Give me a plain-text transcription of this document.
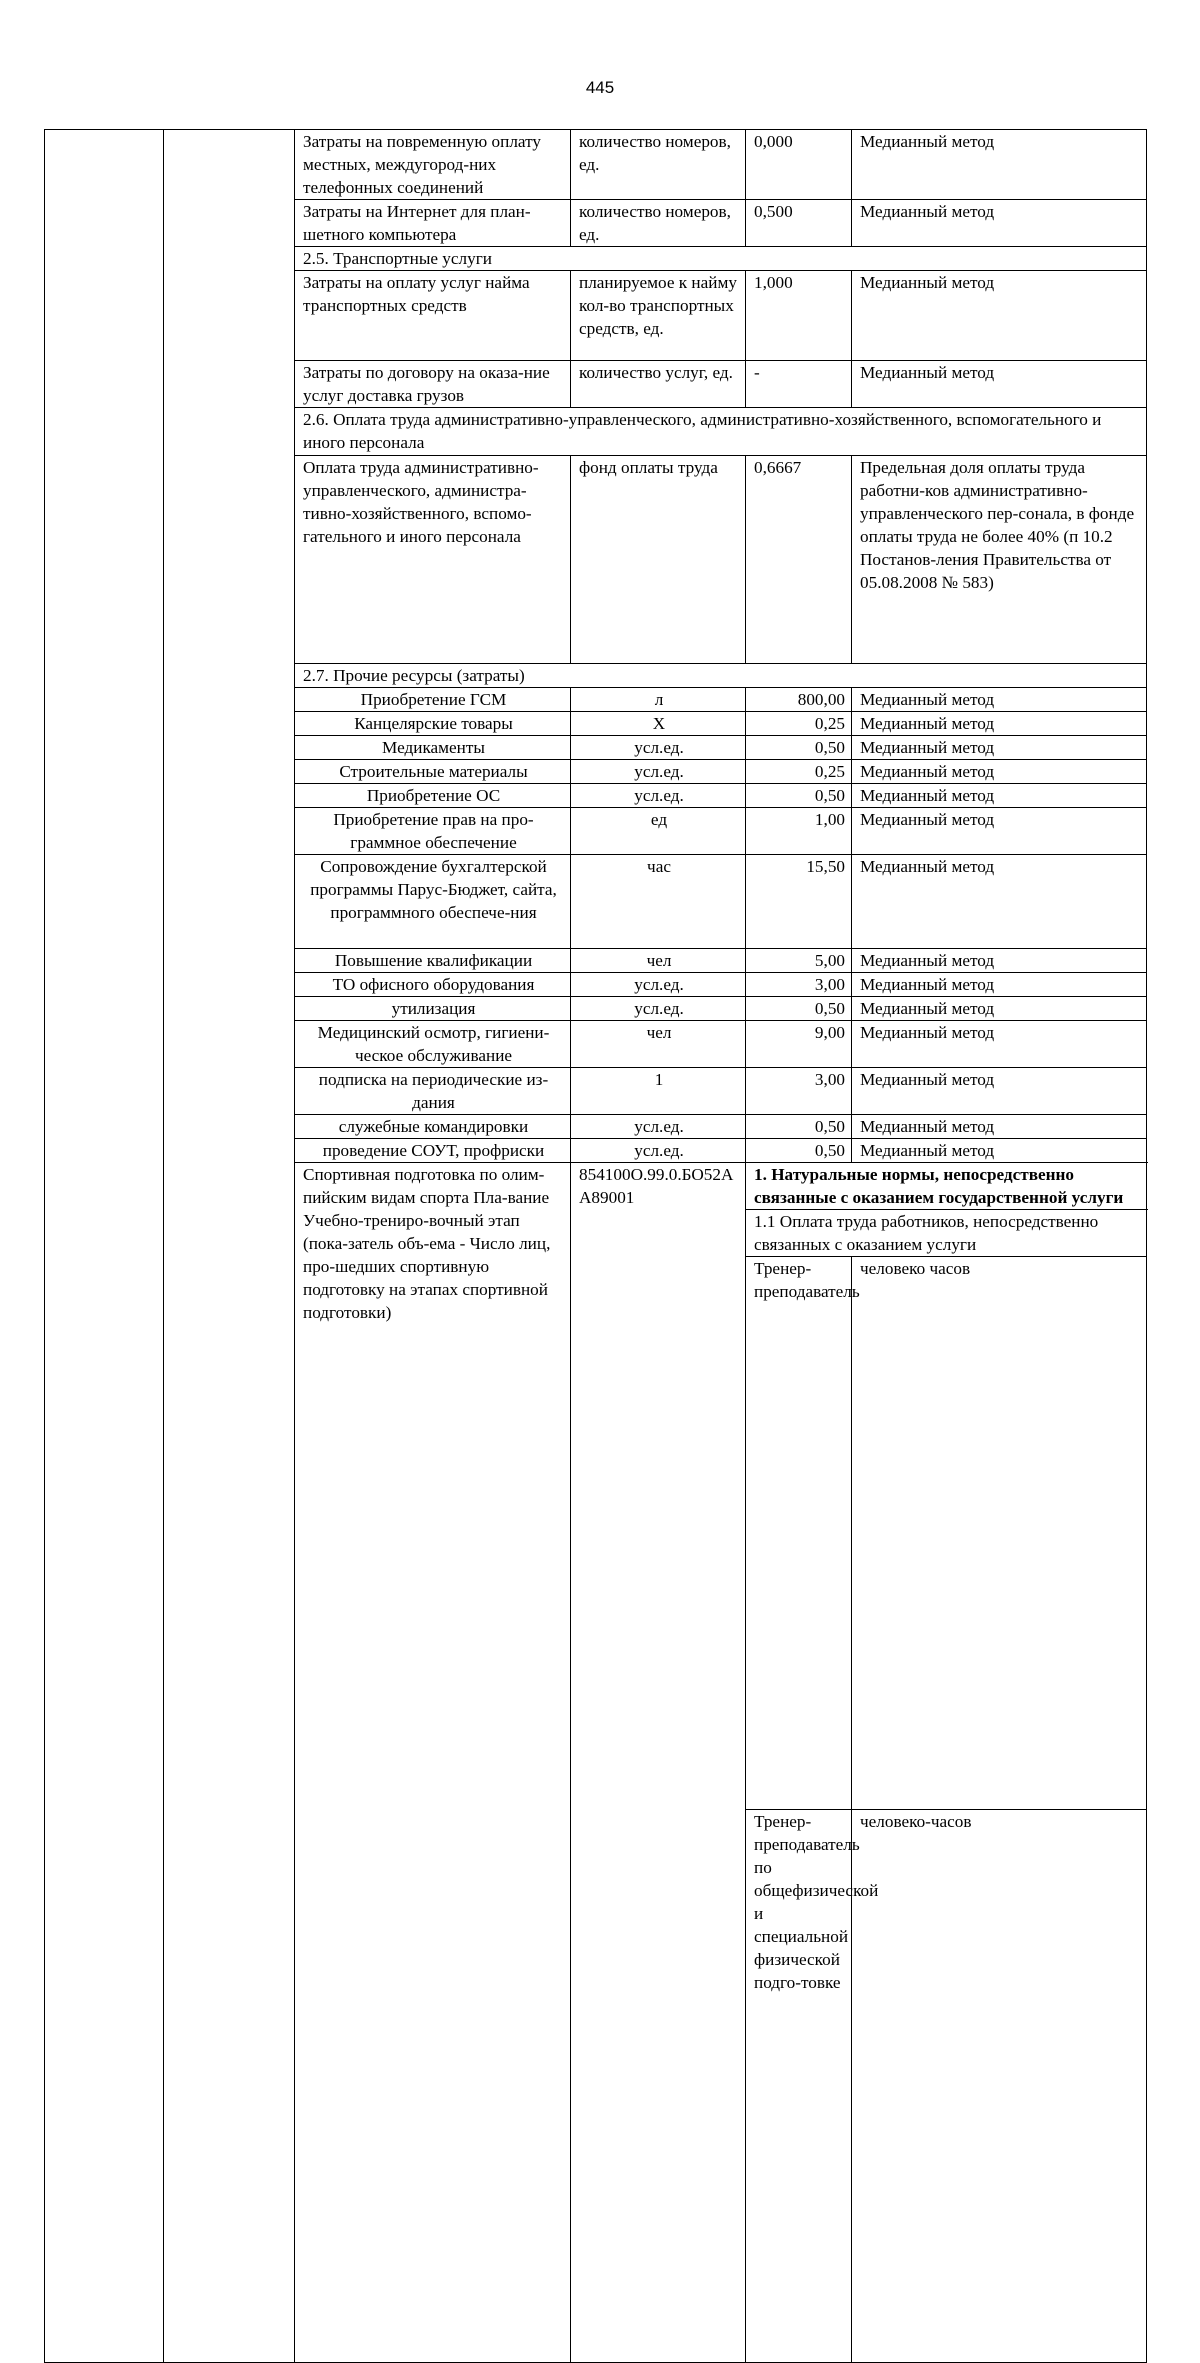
445
		Затраты на повременную оплату местных, междугород-них телефонных соединений	количество номеров, ед.	0,000	Медианный метод	
		Затраты на Интернет для план-шетного компьютера	количество номеров, ед.	0,500	Медианный метод	
		2.5. Транспортные услуги				
		Затраты на оплату услуг найма транспортных средств	планируемое к найму кол-во транспортных средств, ед.	1,000	Медианный метод	
		Затраты по договору на оказа-ние услуг доставка грузов	количество услуг, ед.	-	Медианный метод	
		2.6. Оплата труда административно-управленческого, административно-хозяйственного, вспомогательного и иного персонала				
		Оплата труда административно-управленческого, администра-тивно-хозяйственного, вспомо-гательного и иного персонала	фонд оплаты труда	0,6667	Предельная доля оплаты труда работни-ков административно-управленческого пер-сонала, в фонде оплаты труда не более 40% (п 10.2 Постанов-ления Правительства от 05.08.2008 № 583)	
		2.7. Прочие ресурсы (затраты)				
		Приобретение ГСМ	л	800,00	Медианный метод	
		Канцелярские товары	Х	0,25	Медианный метод	
		Медикаменты	усл.ед.	0,50	Медианный метод	
		Строительные материалы	усл.ед.	0,25	Медианный метод	
		Приобретение ОС	усл.ед.	0,50	Медианный метод	
		Приобретение прав на про-граммное обеспечение	ед	1,00	Медианный метод	
		Сопровождение бухгалтерской программы Парус-Бюджет, сайта, программного обеспече-ния	час	15,50	Медианный метод	
		Повышение квалификации	чел	5,00	Медианный метод	
		ТО офисного оборудования	усл.ед.	3,00	Медианный метод	
		утилизация	усл.ед.	0,50	Медианный метод	
		Медицинский осмотр, гигиени-ческое обслуживание	чел	9,00	Медианный метод	
		подписка на периодические из-дания	1	3,00	Медианный метод	
		служебные командировки	усл.ед.	0,50	Медианный метод	
		проведение СОУТ, профриски	усл.ед.	0,50	Медианный метод	
		Спортивная подготовка по олим-пийским видам спорта Пла-вание Учебно-трениро-вочный этап (пока-затель объ-ема - Число лиц, про-шедших спортивную подготовку на этапах спортивной подготовки)	854100О.99.0.БО52АА89001	1. Натуральные нормы, непосредственно связанные с оказанием государственной услуги		
				1.1 Оплата труда работников, непосредственно связанных с оказанием услуги		
				Тренер-преподаватель	человеко часов		
				Тренер-преподаватель по общефизической и специальной физической подго-товке	человеко-часов		
